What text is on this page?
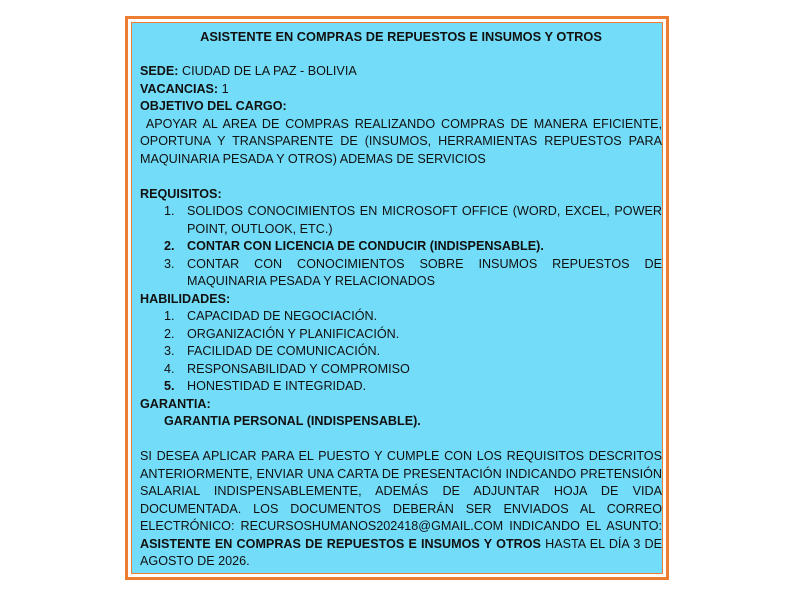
ASISTENTE EN COMPRAS DE REPUESTOS E INSUMOS Y OTROS

SEDE: CIUDAD DE LA PAZ - BOLIVIA

VACANCIAS: 1

OBJETIVO DEL CARGO:

APOYAR AL AREA DE COMPRAS REALIZANDO COMPRAS DE MANERA EFICIENTE, OPORTUNA Y TRANSPARENTE DE (INSUMOS, HERRAMIENTAS REPUESTOS PARA MAQUINARIA PESADA Y OTROS) ADEMAS DE SERVICIOS

REQUISITOS:

1. SOLIDOS CONOCIMIENTOS EN MICROSOFT OFFICE (WORD, EXCEL, POWER POINT, OUTLOOK, ETC.)
2. CONTAR CON LICENCIA DE CONDUCIR (INDISPENSABLE).
3. CONTAR CON CONOCIMIENTOS SOBRE INSUMOS REPUESTOS DE MAQUINARIA PESADA Y RELACIONADOS

HABILIDADES:

1. CAPACIDAD DE NEGOCIACIÓN.
2. ORGANIZACIÓN Y PLANIFICACIÓN.
3. FACILIDAD DE COMUNICACIÓN.
4. RESPONSABILIDAD Y COMPROMISO
5. HONESTIDAD E INTEGRIDAD.

GARANTIA:

GARANTIA PERSONAL (INDISPENSABLE).

SI DESEA APLICAR PARA EL PUESTO Y CUMPLE CON LOS REQUISITOS DESCRITOS ANTERIORMENTE, ENVIAR UNA CARTA DE PRESENTACIÓN INDICANDO PRETENSIÓN SALARIAL INDISPENSABLEMENTE, ADEMÁS DE ADJUNTAR HOJA DE VIDA DOCUMENTADA. LOS DOCUMENTOS DEBERÁN SER ENVIADOS AL CORREO ELECTRÓNICO: RECURSOSHUMANOS202418@GMAIL.COM INDICANDO EL ASUNTO: ASISTENTE EN COMPRAS DE REPUESTOS E INSUMOS Y OTROS HASTA EL DÍA 3 DE AGOSTO DE 2026.
